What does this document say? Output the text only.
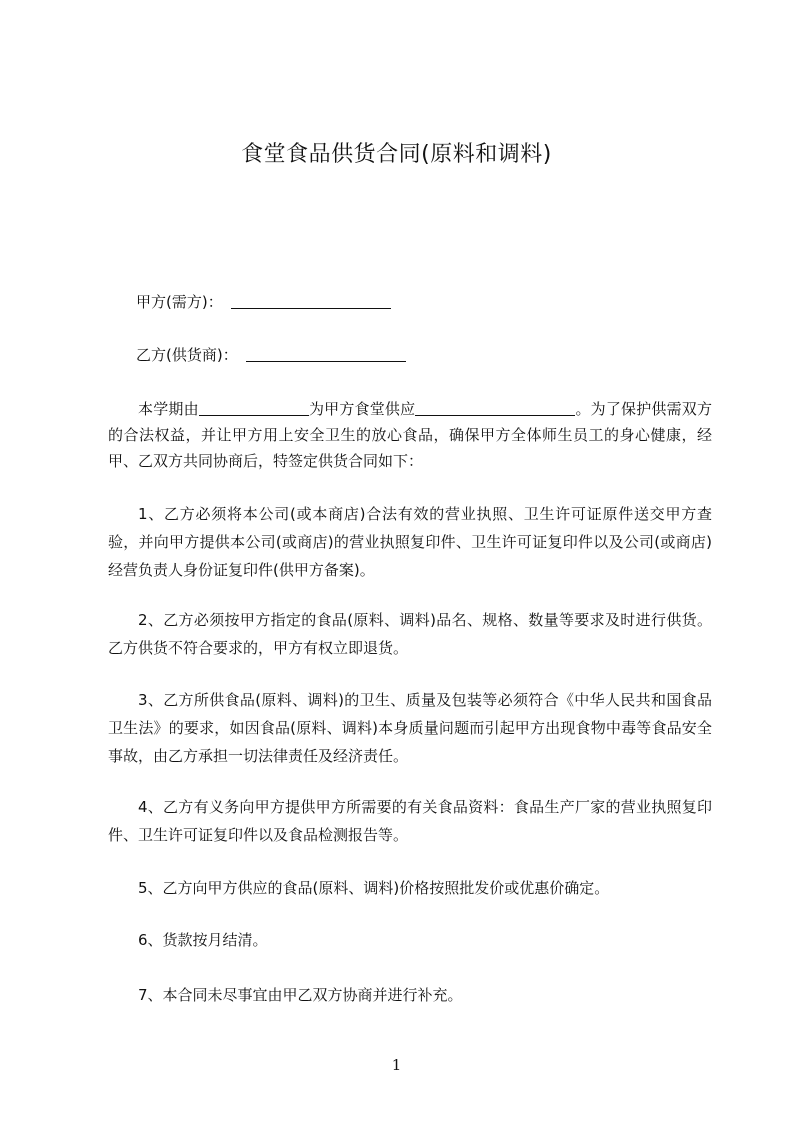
食堂食品供货合同(原料和调料)
甲方(需方)：
乙方(供货商)：
本学期由	为甲方食堂供应	。为了保护供需双方的合法权益，并让甲方用上安全卫生的放心食品，确保甲方全体师生员工的身心健康，经甲、乙双方共同协商后，特签定供货合同如下：
1、乙方必须将本公司(或本商店)合法有效的营业执照、卫生许可证原件送交甲方查验，并向甲方提供本公司(或商店)的营业执照复印件、卫生许可证复印件以及公司(或商店)经营负责人身份证复印件(供甲方备案)。
2、乙方必须按甲方指定的食品(原料、调料)品名、规格、数量等要求及时进行供货。乙方供货不符合要求的，甲方有权立即退货。
3、乙方所供食品(原料、调料)的卫生、质量及包装等必须符合《中华人民共和国食品卫生法》的要求，如因食品(原料、调料)本身质量问题而引起甲方出现食物中毒等食品安全事故，由乙方承担一切法律责任及经济责任。
4、乙方有义务向甲方提供甲方所需要的有关食品资料：食品生产厂家的营业执照复印件、卫生许可证复印件以及食品检测报告等。
5、乙方向甲方供应的食品(原料、调料)价格按照批发价或优惠价确定。
6、货款按月结清。
7、本合同未尽事宜由甲乙双方协商并进行补充。
1
